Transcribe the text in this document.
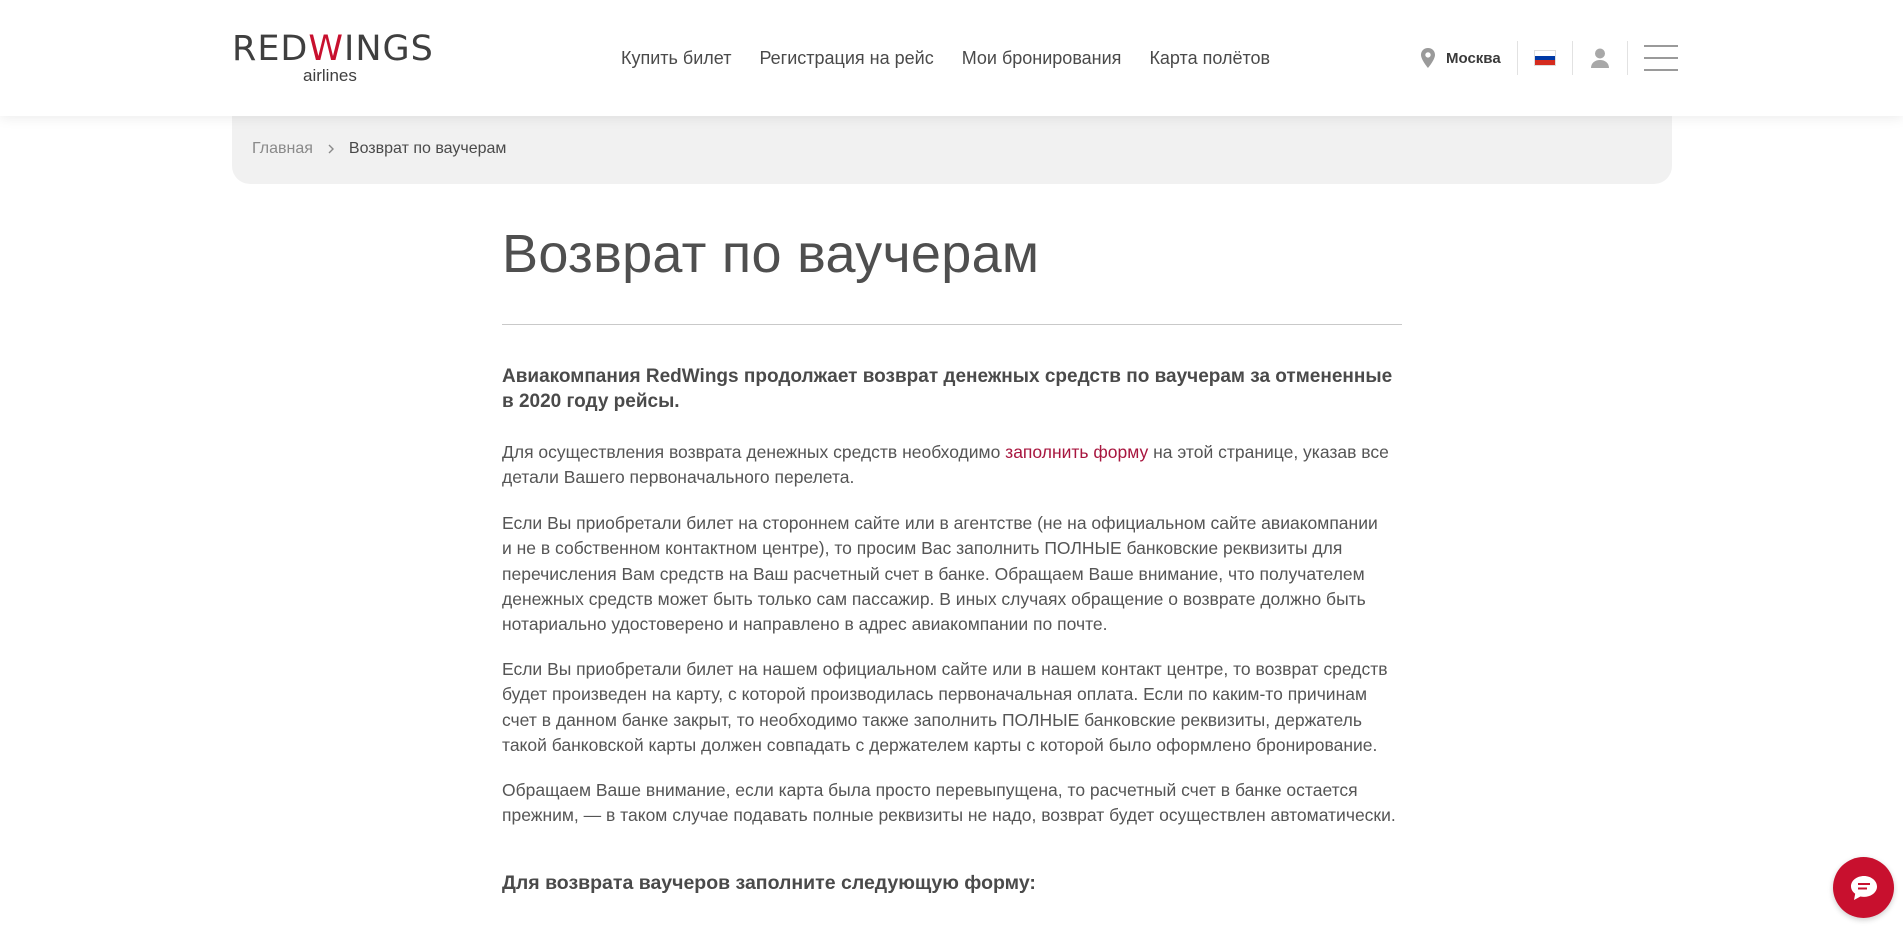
REDWINGS
airlines
Купить билет Регистрация на рейс Мои бронирования Карта полётов	Москва
Главная Возврат по ваучерам
Возврат по ваучерам

Авиакомпания RedWings продолжает возврат денежных средств по ваучерам за отмененные в 2020 году рейсы.

Для осуществления возврата денежных средств необходимо заполнить форму на этой странице, указав все детали Вашего первоначального перелета.

Если Вы приобретали билет на стороннем сайте или в агентстве (не на официальном сайте авиакомпании и не в собственном контактном центре), то просим Вас заполнить ПОЛНЫЕ банковские реквизиты для перечисления Вам средств на Ваш расчетный счет в банке. Обращаем Ваше внимание, что получателем денежных средств может быть только сам пассажир. В иных случаях обращение о возврате должно быть нотариально удостоверено и направлено в адрес авиакомпании по почте.

Если Вы приобретали билет на нашем официальном сайте или в нашем контакт центре, то возврат средств будет произведен на карту, с которой производилась первоначальная оплата. Если по каким-то причинам счет в данном банке закрыт, то необходимо также заполнить ПОЛНЫЕ банковские реквизиты, держатель такой банковской карты должен совпадать с держателем карты с которой было оформлено бронирование.

Обращаем Ваше внимание, если карта была просто перевыпущена, то расчетный счет в банке остается прежним, — в таком случае подавать полные реквизиты не надо, возврат будет осуществлен автоматически.

Для возврата ваучеров заполните следующую форму:
